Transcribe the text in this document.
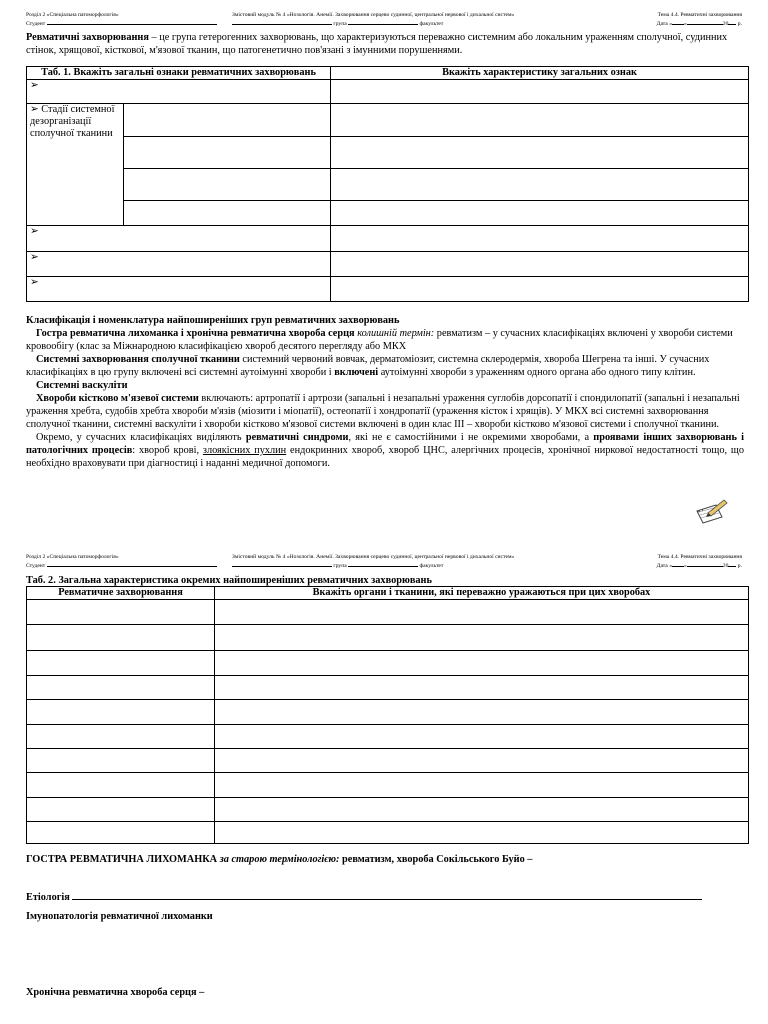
Розділ 2 «Спеціальна патоморфологія»	Змістовий модуль № 4 «Нозологія. Анемії. Захворювання серцево судинної, центральної нервової і дихальної систем»	Тема 4.4. Ревматичні захворювання
Студент	група	факультет	Дата « »	20 р.
Ревматичні захворювання – це група гетерогенних захворювань, що характеризуються переважно системним або локальним ураженням сполучної, судинних стінок, хрящової, кісткової, м'язової тканин, що патогенетично пов'язані з імунними порушеннями.
Таб. 1. Вкажіть загальні ознаки ревматичних захворювань		Вкажіть характеристику загальних ознак
➢		
➢ Стадії системної дезорганізації сполучної тканини		

➢		
➢		
➢		
Класифікація і номенклатура найпоширеніших груп ревматичних захворювань
Гостра ревматична лихоманка і хронічна ревматична хвороба серця колишній термін: ревматизм – у сучасних класифікаціях включені у хвороби системи кровообігу (клас за Міжнародною класифікацією хвороб десятого перегляду або МКХ
Системні захворювання сполучної тканини системний червоний вовчак, дерматоміозит, системна склеродермія, хвороба Шегрена та інші. У сучасних класифікаціях в цю групу включені всі системні аутоімунні хвороби і включені аутоімунні хвороби з ураженням одного органа або одного типу клітин.
Системні васкуліти
Хвороби кістково м'язевої системи включають: артропатії і артрози (запальні і незапальні ураження суглобів дорсопатії і спондилопатії (запальні і незапальні ураження хребта, судобів хребта хвороби м'язів (міозити і міопатії), остеопатії і хондропатії (ураження кісток і хрящів). У МКХ всі системні захворювання сполучної тканини, системні васкуліти і хвороби кістково м'язової системи включені в один клас III – хвороби кістково м'язової системи і сполучної тканини.
Окремо, у сучасних класифікаціях виділяють ревматичні синдроми, які не є самостійними і не окремими хворобами, а проявами інших захворювань і патологічних процесів: хвороб крові, злоякісних пухлин ендокринних хвороб, хвороб ЦНС, алергічних процесів, хронічної ниркової недостатності тощо, що необхідно враховувати при діагностиці і наданні медичної допомоги.
Розділ 2 «Спеціальна патоморфологія»	Змістовий модуль № 4 «Нозологія. Анемії. Захворювання серцево судинної, центральної нервової і дихальної систем»	Тема 4.4. Ревматичні захворювання
Студент	група	факультет	Дата « »	20 р.
Таб. 2. Загальна характеристика окремих найпоширеніших ревматичних захворювань
Ревматичне захворювання	Вкажіть органи і тканини, які переважно уражаються при цих хворобах

ГОСТРА РЕВМАТИЧНА ЛИХОМАНКА за старою термінологією: ревматизм, хвороба Сокільського Буйо –
Етіологія
Імунопатологія ревматичної лихоманки
Хронічна ревматична хвороба серця –
